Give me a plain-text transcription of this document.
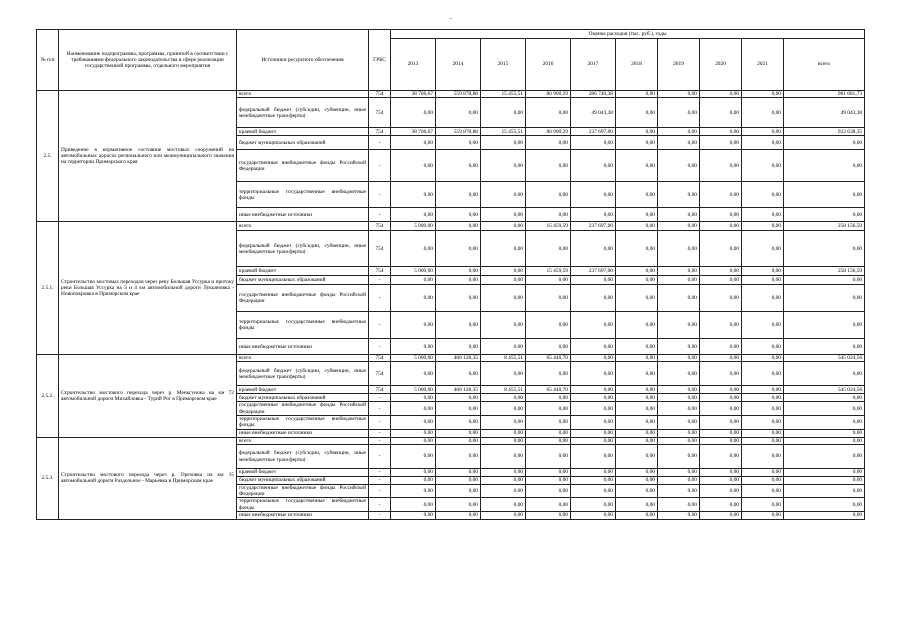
..
№ п/п	Наименование подпрограммы, программы, принятой в соответствии с требованиями федерального законодательства в сфере реализации государственной программы, отдельного мероприятия	Источники ресурсного обеспечения	ГРБС	Оценка расходов (тыс. руб.), годы									
				2013	2014	2015	2016	2017	2018	2019	2020	2021	всего
2.5.	Приведение в нормативное состояние мостовых сооружений на автомобильных дорогах регионального или межмуниципального значения на территории Приморского края	всего	754	38 706,67	559 878,88	15 455,51	80 900,29	286 740,38	0,00	0,00	0,00	0,00	981 681,73
		федеральный бюджет (субсидии, субвенции, иные межбюджетные трансферты)	754	0,00	0,00	0,00	0,00	49 043,38	0,00	0,00	0,00	0,00	49 043,38
		краевой бюджет	754	38 706,67	559 878,88	15 455,51	80 900,29	237 697,00	0,00	0,00	0,00	0,00	932 638,35
		бюджет муниципальных образований	-	0,00	0,00	0,00	0,00	0,00	0,00	0,00	0,00	0,00	0,00
		государственные внебюджетные фонды Российской Федерации	-	0,00	0,00	0,00	0,00	0,00	0,00	0,00	0,00	0,00	0,00
		территориальные государственные внебюджетные фонды	-	0,00	0,00	0,00	0,00	0,00	0,00	0,00	0,00	0,00	0,00
		иные внебюджетные источники	-	0,00	0,00	0,00	0,00	0,00	0,00	0,00	0,00	0,00	0,00
2.5.1.	Строительство мостовых переходов через реку Большая Уссурка и протоку реки Большая Уссурка на 3 и 4 км автомобильной дороги Лукьяновка - Новопокровка в Приморском крае	всего	754	5 000,00	0,00	0,00	15 459,59	237 697,00	0,00	0,00	0,00	0,00	258 156,59
		федеральный бюджет (субсидии, субвенции, иные межбюджетные трансферты)	754	0,00	0,00	0,00	0,00	0,00	0,00	0,00	0,00	0,00	0,00
		краевой бюджет	754	5 000,00	0,00	0,00	15 459,59	237 697,00	0,00	0,00	0,00	0,00	258 156,59
		бюджет муниципальных образований	-	0,00	0,00	0,00	0,00	0,00	0,00	0,00	0,00	0,00	0,00
		государственные внебюджетные фонды Российской Федерации	-	0,00	0,00	0,00	0,00	0,00	0,00	0,00	0,00	0,00	0,00
		территориальные государственные внебюджетные фонды	-	0,00	0,00	0,00	0,00	0,00	0,00	0,00	0,00	0,00	0,00
		иные внебюджетные источники	-	0,00	0,00	0,00	0,00	0,00	0,00	0,00	0,00	0,00	0,00
2.5.2.	Строительство мостового перехода через р. Меньгунока на км 72 автомобильной дороги Михайловка - Турий Рог в Приморском крае	всего	754	5 000,00	466 128,35	8 455,51	65 440,70	0,00	0,00	0,00	0,00	0,00	545 024,56
		федеральный бюджет (субсидии, субвенции, иные межбюджетные трансферты)	754	0,00	0,00	0,00	0,00	0,00	0,00	0,00	0,00	0,00	0,00
		краевой бюджет	754	5 000,00	466 128,35	8 455,51	65 440,70	0,00	0,00	0,00	0,00	0,00	545 024,56
		бюджет муниципальных образований	-	0,00	0,00	0,00	0,00	0,00	0,00	0,00	0,00	0,00	0,00
		государственные внебюджетные фонды Российской Федерации	-	0,00	0,00	0,00	0,00	0,00	0,00	0,00	0,00	0,00	0,00
		территориальные государственные внебюджетные фонды	-	0,00	0,00	0,00	0,00	0,00	0,00	0,00	0,00	0,00	0,00
		иные внебюджетные источники	-	0,00	0,00	0,00	0,00	0,00	0,00	0,00	0,00	0,00	0,00
2.5.3.	Строительство мостового перехода через р. Ореховка на км 15 автомобильной дороги Раздольное - Марьевка в Приморском крае	всего	-	0,00	0,00	0,00	0,00	0,00	0,00	0,00	0,00	0,00	0,00
		федеральный бюджет (субсидии, субвенции, иные межбюджетные трансферты)	-	0,00	0,00	0,00	0,00	0,00	0,00	0,00	0,00	0,00	0,00
		краевой бюджет	-	0,00	0,00	0,00	0,00	0,00	0,00	0,00	0,00	0,00	0,00
		бюджет муниципальных образований	-	0,00	0,00	0,00	0,00	0,00	0,00	0,00	0,00	0,00	0,00
		государственные внебюджетные фонды Российской Федерации	-	0,00	0,00	0,00	0,00	0,00	0,00	0,00	0,00	0,00	0,00
		территориальные государственные внебюджетные фонды	-	0,00	0,00	0,00	0,00	0,00	0,00	0,00	0,00	0,00	0,00
		иные внебюджетные источники	-	0,00	0,00	0,00	0,00	0,00	0,00	0,00	0,00	0,00	0,00
